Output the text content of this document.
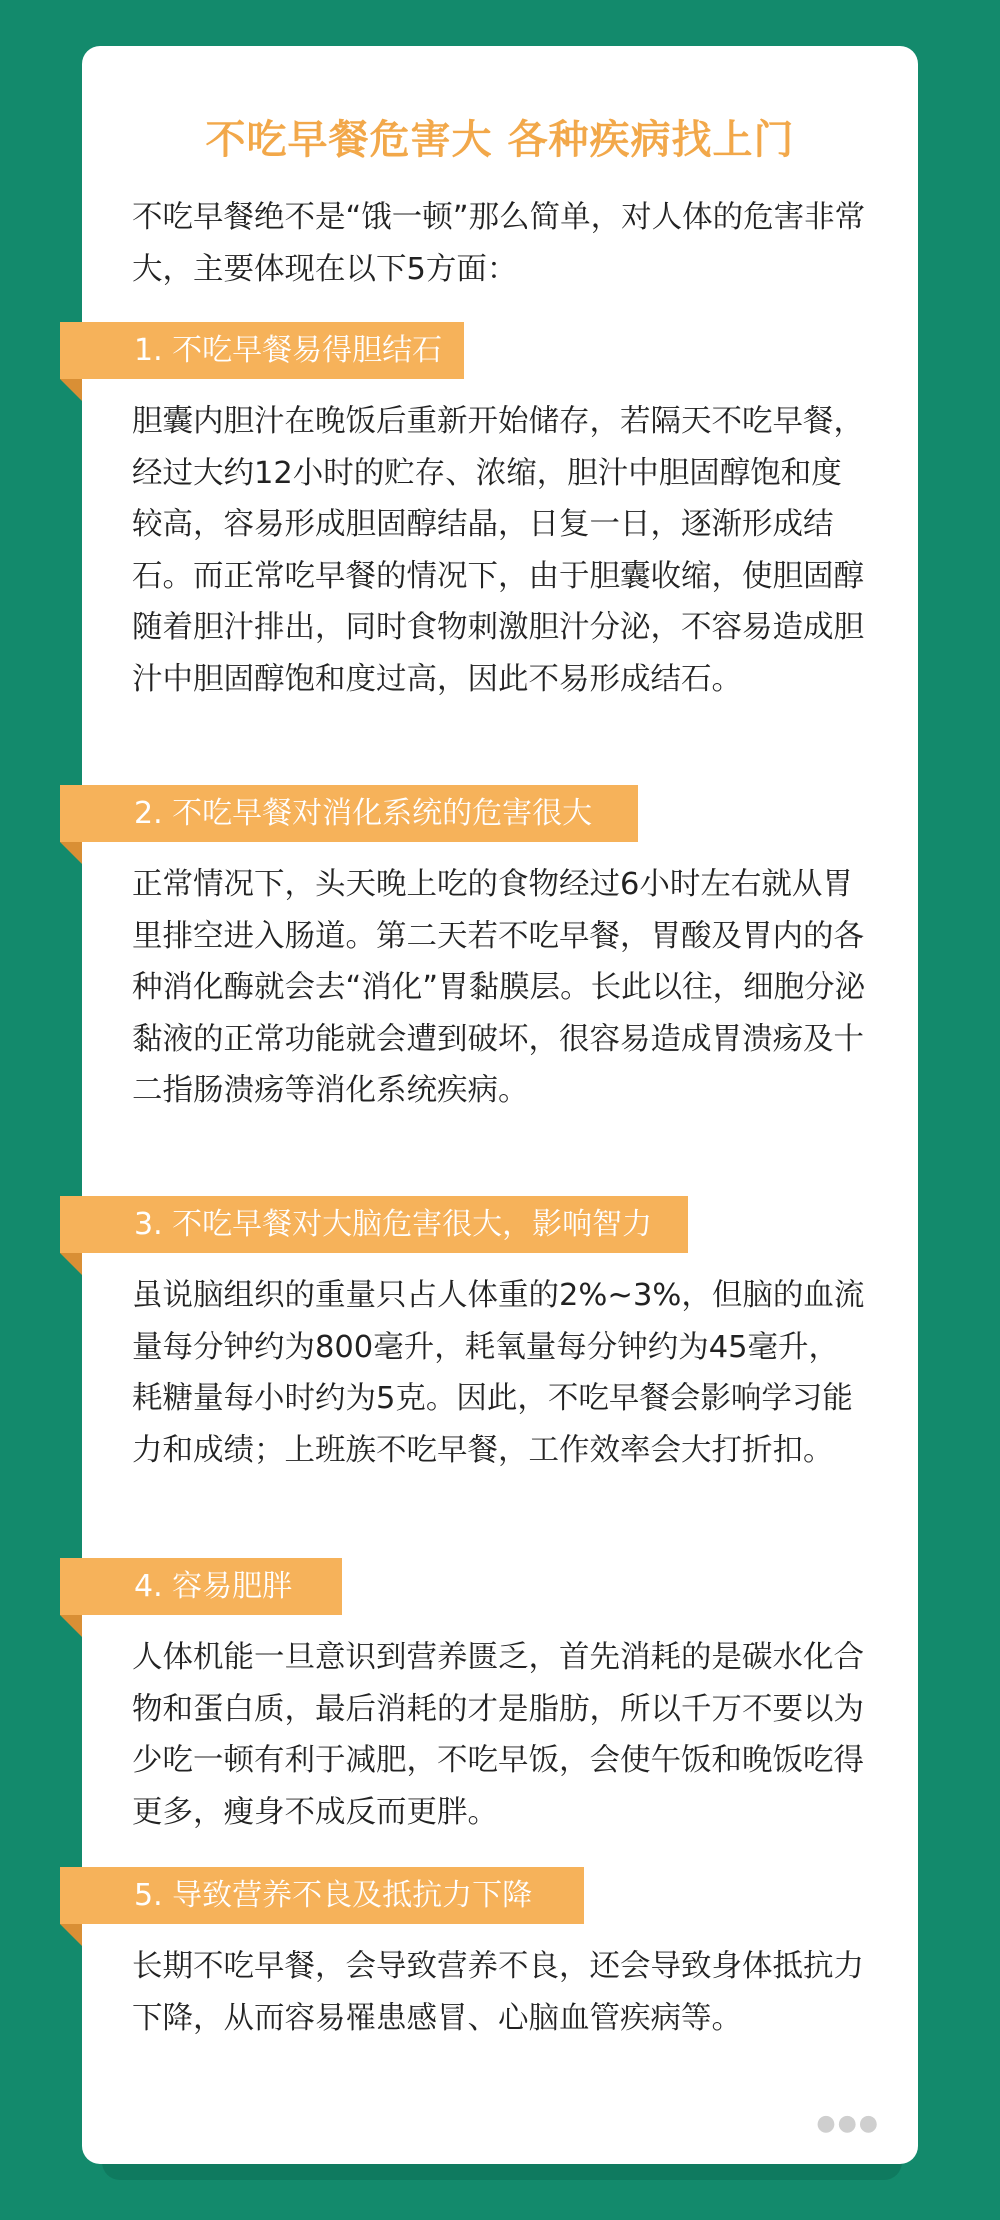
不吃早餐危害大 各种疾病找上门

不吃早餐绝不是“饿一顿”那么简单，对人体的危害非常大，主要体现在以下5方面：

1. 不吃早餐易得胆结石

胆囊内胆汁在晚饭后重新开始储存，若隔天不吃早餐，经过大约12小时的贮存、浓缩，胆汁中胆固醇饱和度较高，容易形成胆固醇结晶，日复一日，逐渐形成结石。而正常吃早餐的情况下，由于胆囊收缩，使胆固醇随着胆汁排出，同时食物刺激胆汁分泌，不容易造成胆汁中胆固醇饱和度过高，因此不易形成结石。

2. 不吃早餐对消化系统的危害很大

正常情况下，头天晚上吃的食物经过6小时左右就从胃里排空进入肠道。第二天若不吃早餐，胃酸及胃内的各种消化酶就会去“消化”胃黏膜层。长此以往，细胞分泌黏液的正常功能就会遭到破坏，很容易造成胃溃疡及十二指肠溃疡等消化系统疾病。

3. 不吃早餐对大脑危害很大，影响智力

虽说脑组织的重量只占人体重的2%~3%，但脑的血流量每分钟约为800毫升，耗氧量每分钟约为45毫升，耗糖量每小时约为5克。因此，不吃早餐会影响学习能力和成绩；上班族不吃早餐，工作效率会大打折扣。

4. 容易肥胖

人体机能一旦意识到营养匮乏，首先消耗的是碳水化合物和蛋白质，最后消耗的才是脂肪，所以千万不要以为少吃一顿有利于减肥，不吃早饭，会使午饭和晚饭吃得更多，瘦身不成反而更胖。

5. 导致营养不良及抵抗力下降

长期不吃早餐，会导致营养不良，还会导致身体抵抗力下降，从而容易罹患感冒、心脑血管疾病等。

●●●
